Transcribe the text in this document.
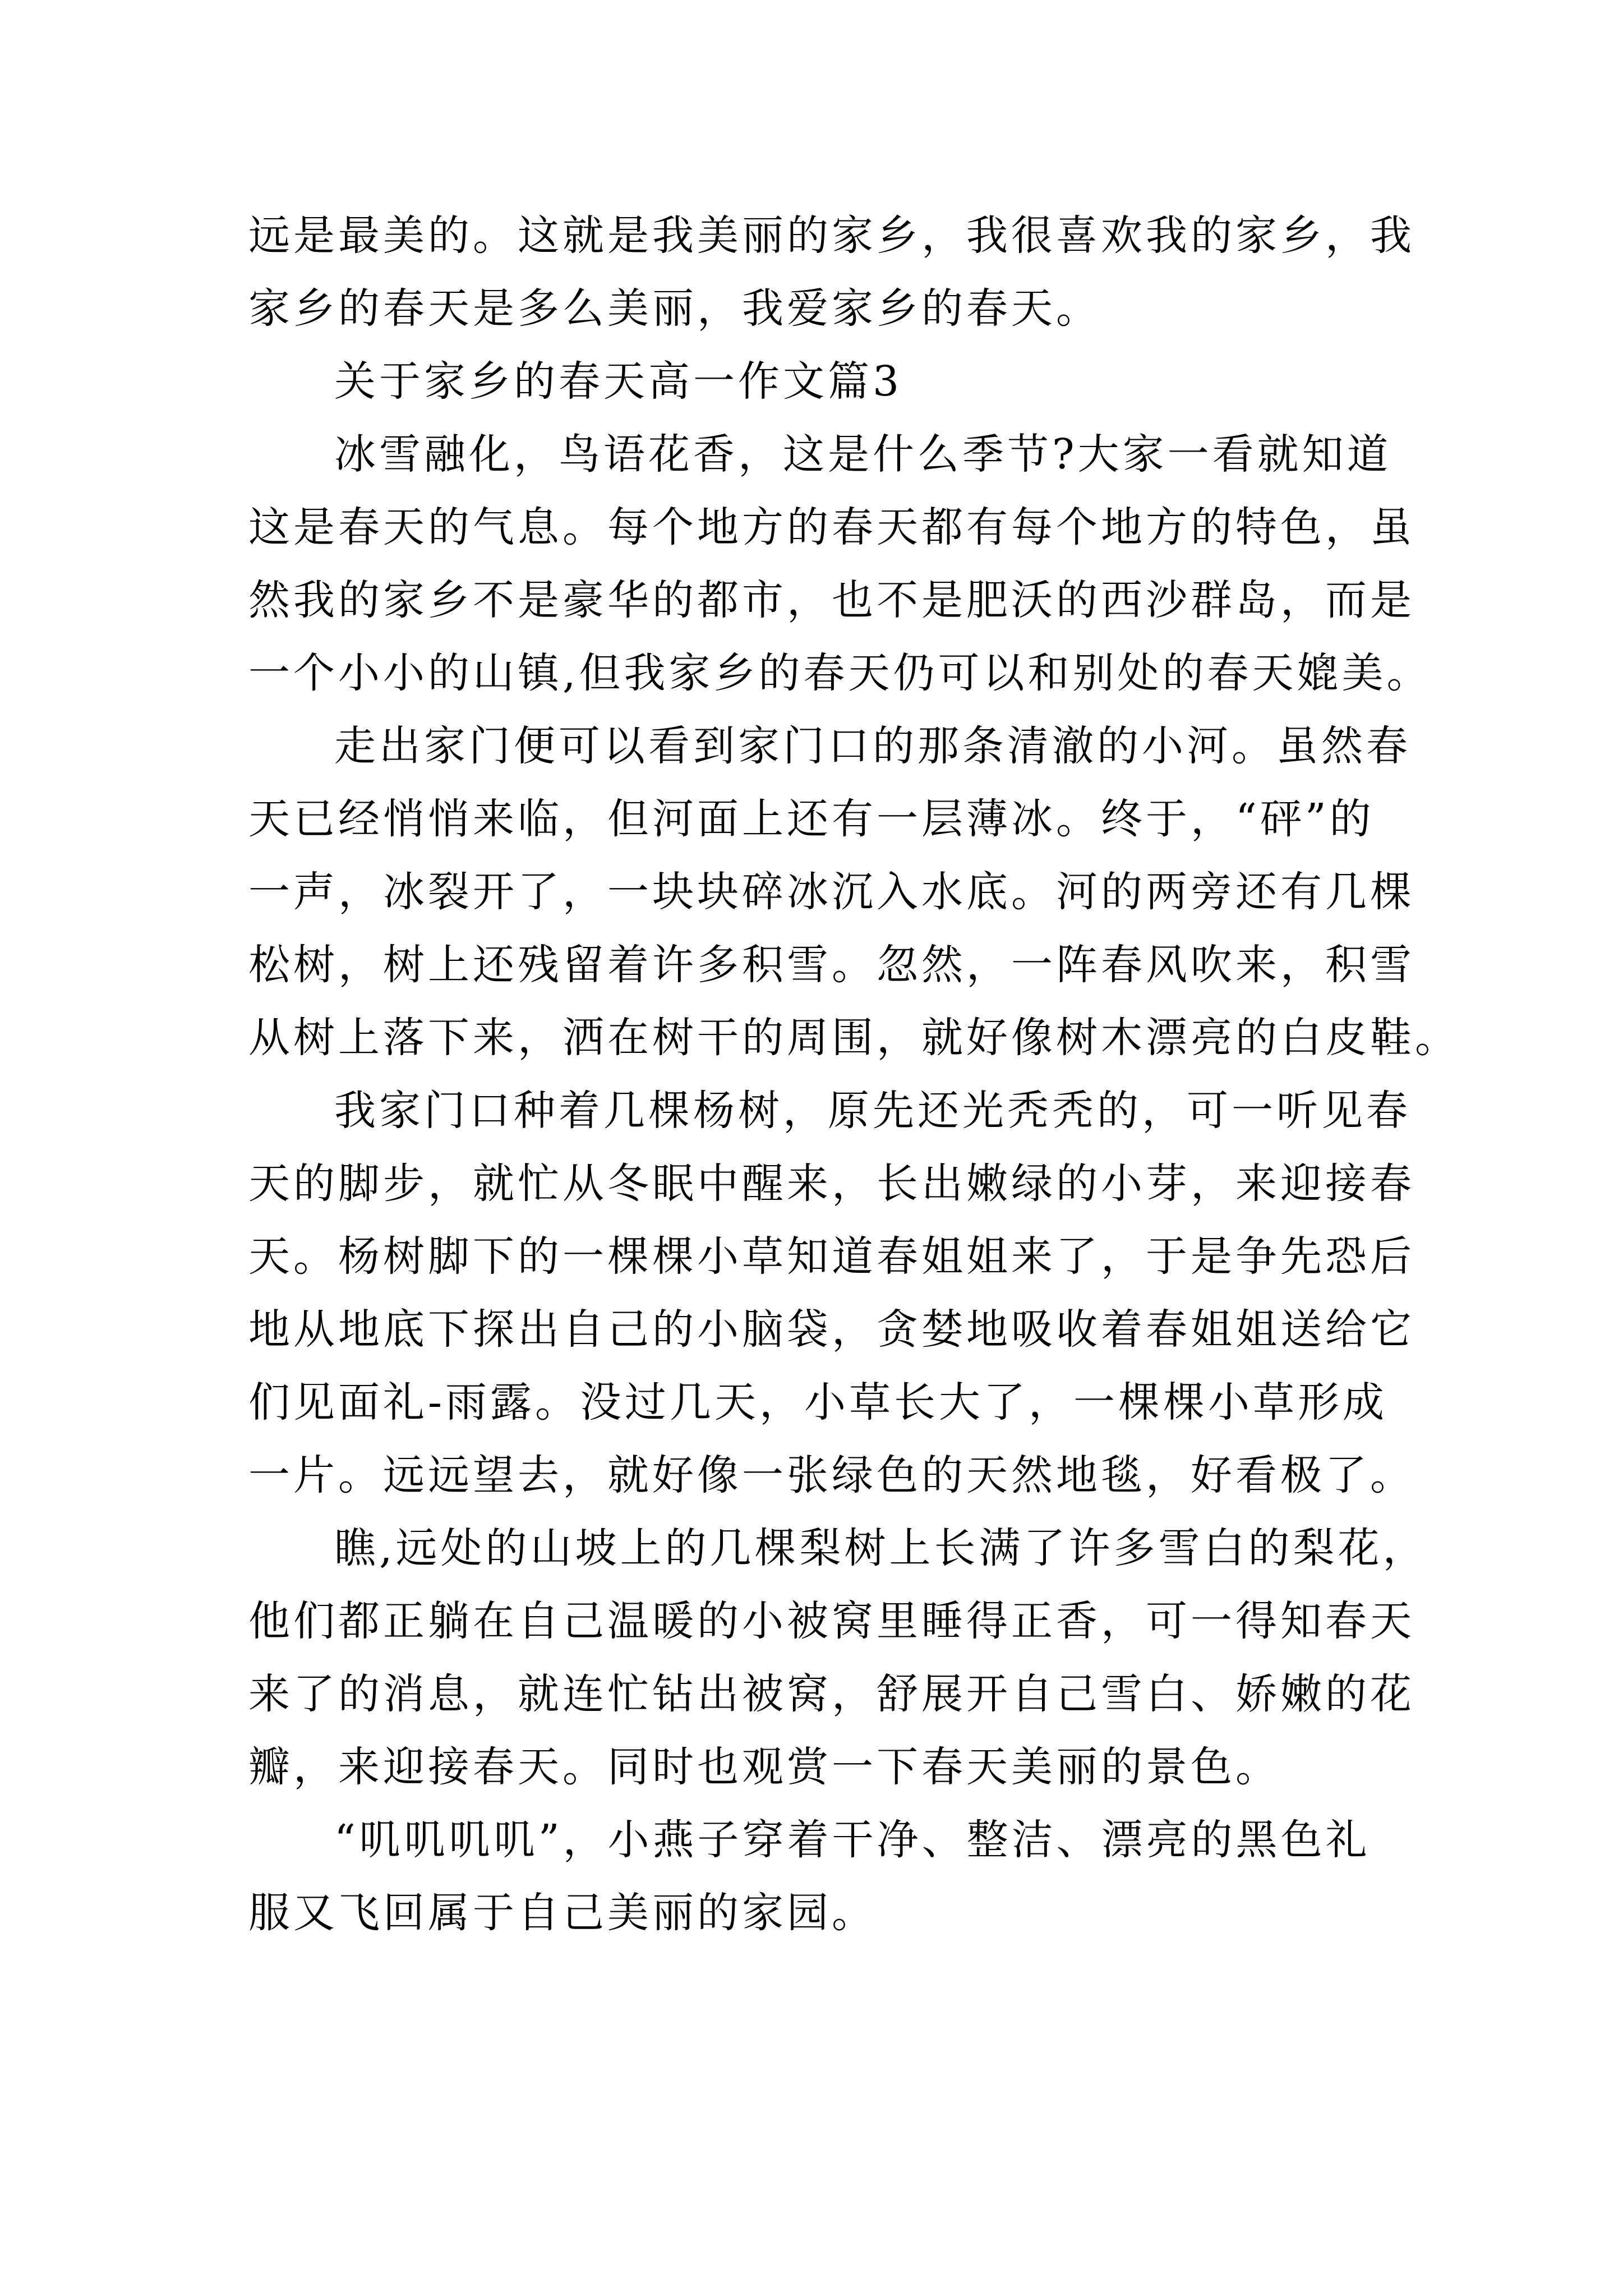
远是最美的。这就是我美丽的家乡，我很喜欢我的家乡，我
家乡的春天是多么美丽，我爱家乡的春天。
关于家乡的春天高一作文篇3
冰雪融化，鸟语花香，这是什么季节?大家一看就知道
这是春天的气息。每个地方的春天都有每个地方的特色，虽
然我的家乡不是豪华的都市，也不是肥沃的西沙群岛，而是
一个小小的山镇,但我家乡的春天仍可以和别处的春天媲美。
走出家门便可以看到家门口的那条清澈的小河。虽然春
天已经悄悄来临，但河面上还有一层薄冰。终于，“砰”的
一声，冰裂开了，一块块碎冰沉入水底。河的两旁还有几棵
松树，树上还残留着许多积雪。忽然，一阵春风吹来，积雪
从树上落下来，洒在树干的周围，就好像树木漂亮的白皮鞋。
我家门口种着几棵杨树，原先还光秃秃的，可一听见春
天的脚步，就忙从冬眠中醒来，长出嫩绿的小芽，来迎接春
天。杨树脚下的一棵棵小草知道春姐姐来了，于是争先恐后
地从地底下探出自己的小脑袋，贪婪地吸收着春姐姐送给它
们见面礼-雨露。没过几天，小草长大了，一棵棵小草形成
一片。远远望去，就好像一张绿色的天然地毯，好看极了。
瞧,远处的山坡上的几棵梨树上长满了许多雪白的梨花，
他们都正躺在自己温暖的小被窝里睡得正香，可一得知春天
来了的消息，就连忙钻出被窝，舒展开自己雪白、娇嫩的花
瓣，来迎接春天。同时也观赏一下春天美丽的景色。
“叽叽叽叽”，小燕子穿着干净、整洁、漂亮的黑色礼
服又飞回属于自己美丽的家园。
